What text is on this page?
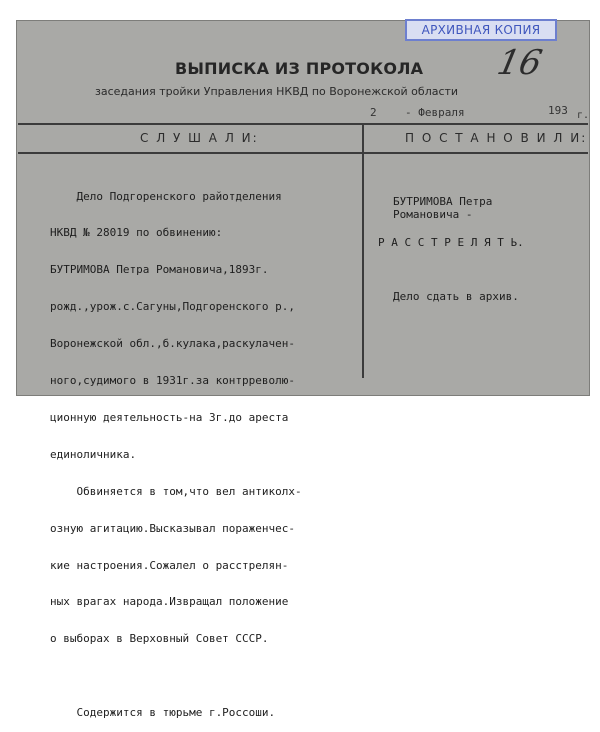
АРХИВНАЯ КОПИЯ
16
ВЫПИСКА ИЗ ПРОТОКОЛА
заседания тройки Управления НКВД по Воронежской области
2	- Февраля	193 г.
С Л У Ш А Л И:	П О С Т А Н О В И Л И:

Дело Подгоренского райотделения

НКВД № 28019 по обвинению:

БУТРИМОВА Петра Романовича,1893г.

рожд.,урож.с.Сагуны,Подгоренского р.,

Воронежской обл.,б.кулака,раскулачен-

ного,судимого в 1931г.за контрреволю-

ционную деятельность-на 3г.до ареста

единоличника.

Обвиняется в том,что вел антиколх-

озную агитацию.Высказывал пораженчес-

кие настроения.Сожалел о расстрелян-

ных врагах народа.Извращал положение

о выборах в Верховный Совет СССР.

Содержится в тюрьме г.Россоши.

БУТРИМОВА Петра
Романовича -
Р А С С Т Р Е Л Я Т Ь.
Дело сдать в архив.
